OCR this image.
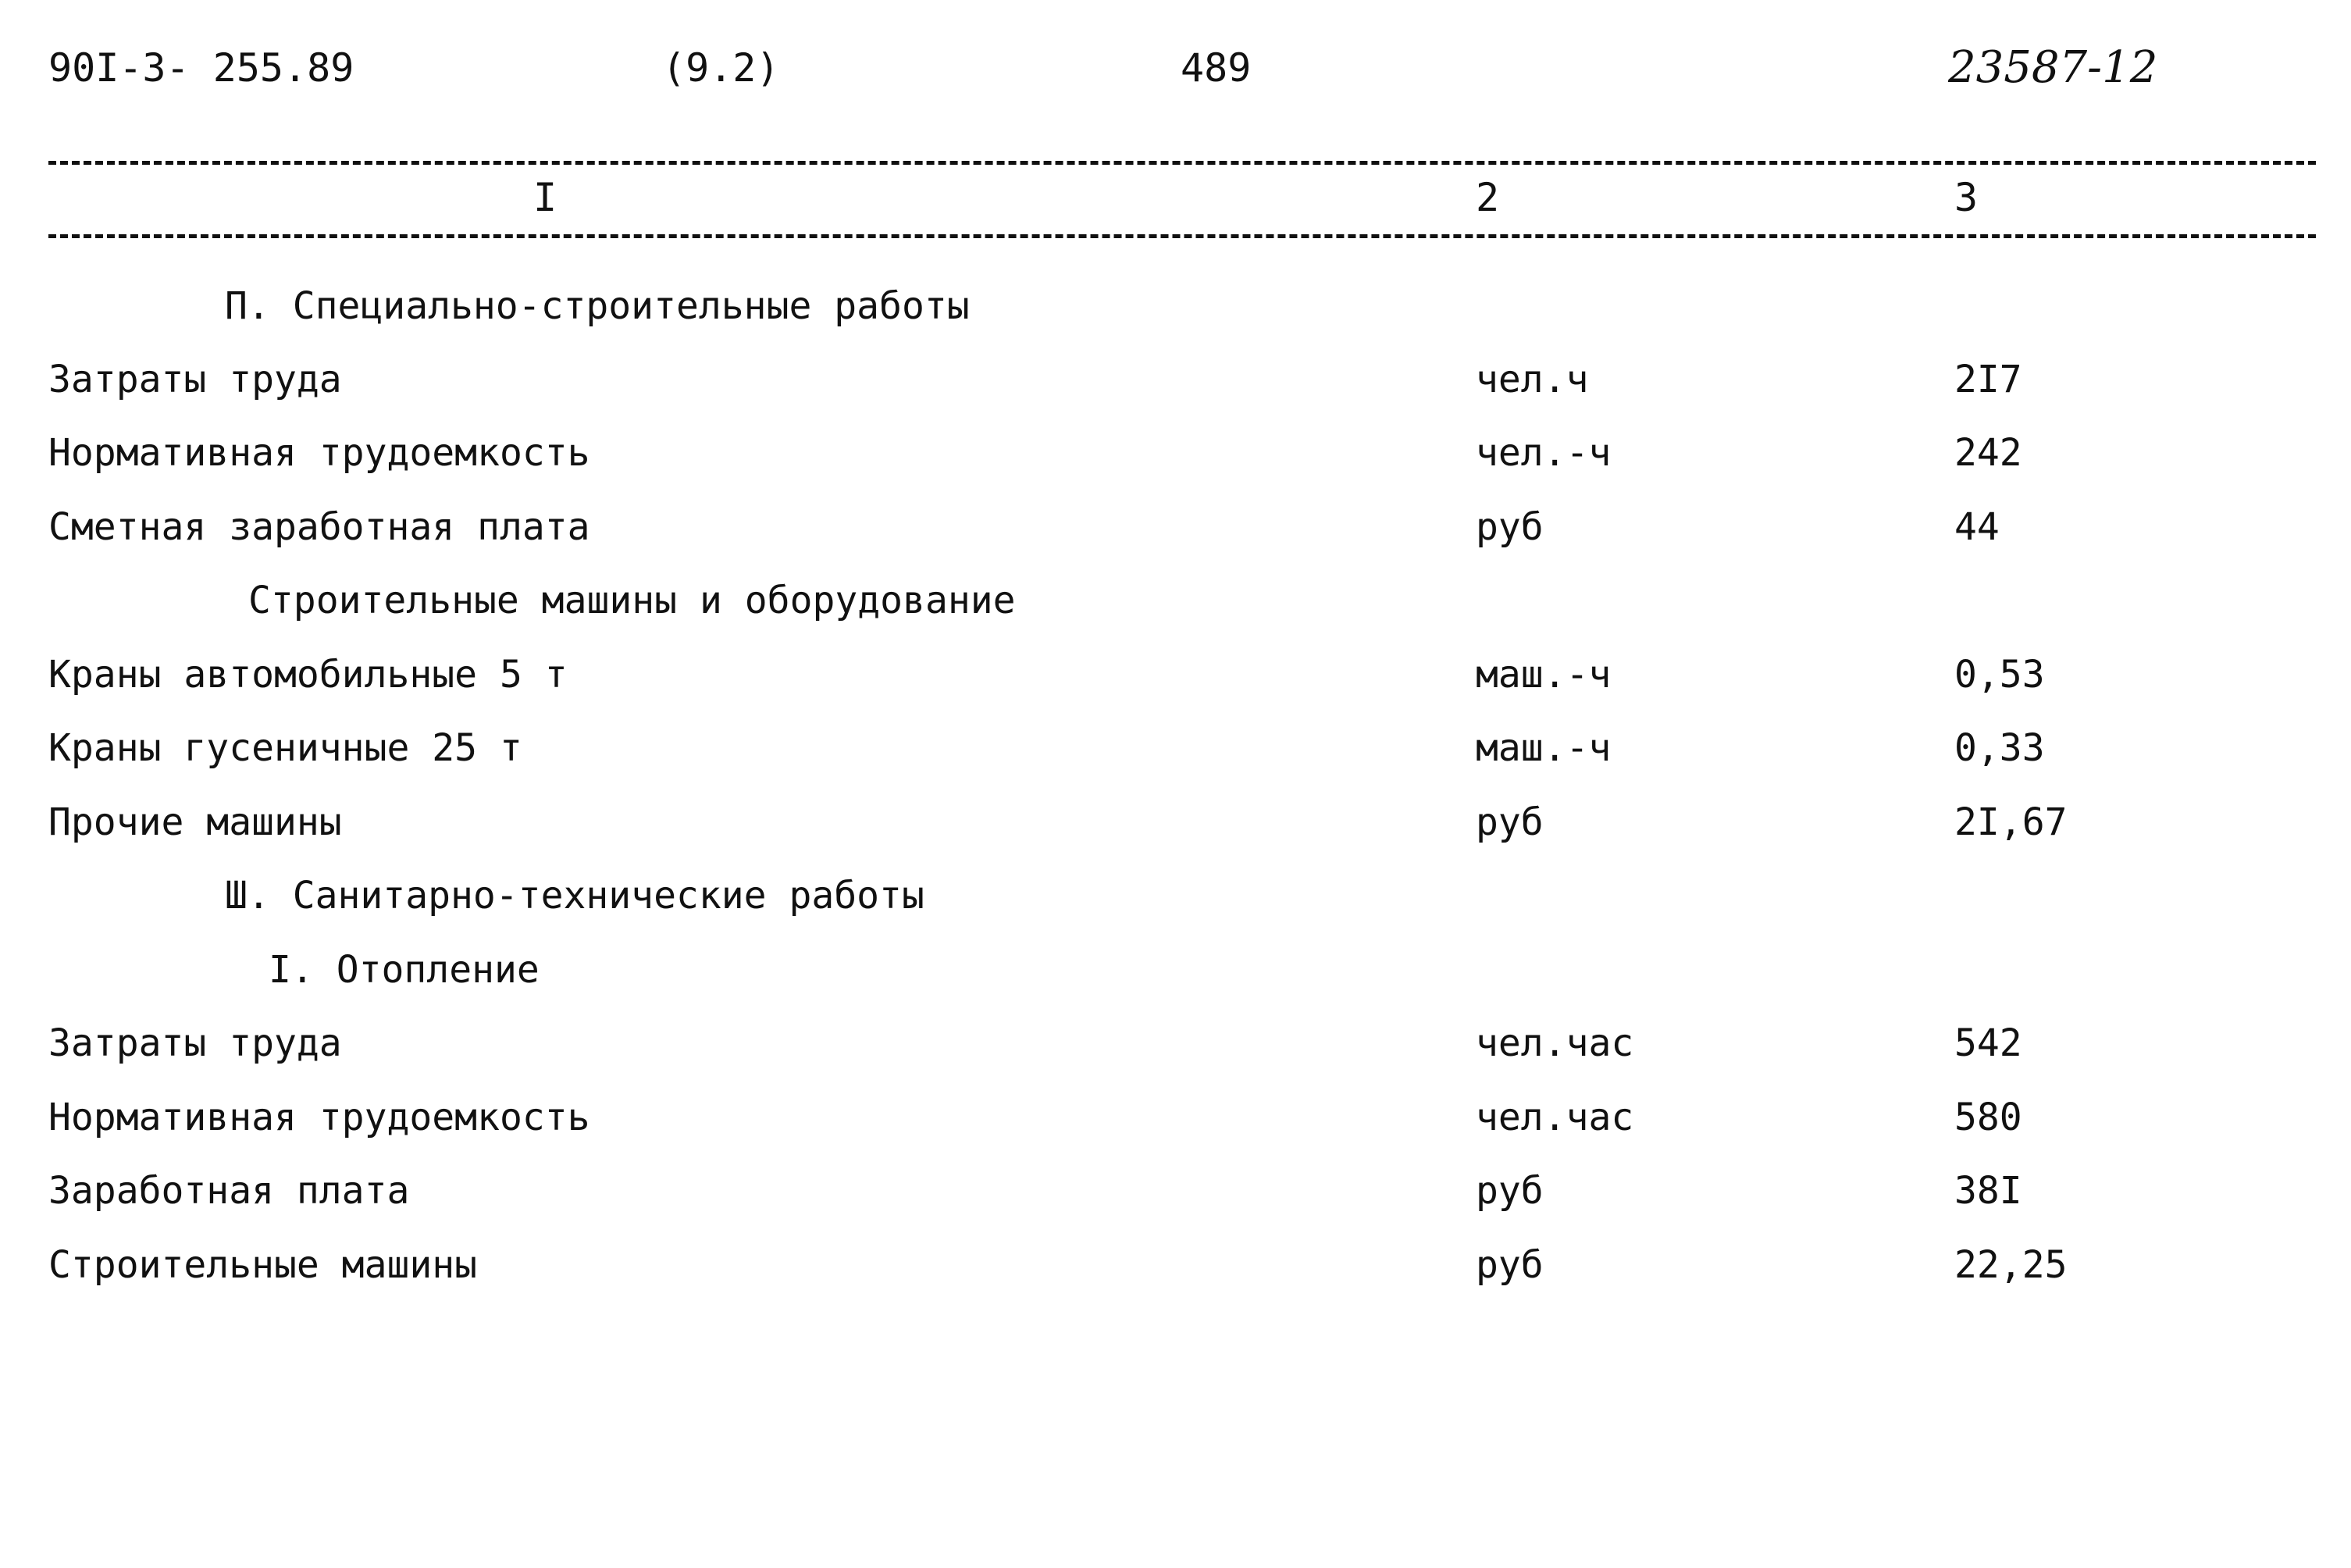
90I-3- 255.89	(9.2)	489	23587-12
I	2	3
П. Специально-строительные работы
Затраты труда	чел.ч	2I7
Нормативная трудоемкость	чел.-ч	242
Сметная заработная плата	руб	44
Строительные машины и оборудование
Краны автомобильные 5 т	маш.-ч	0,53
Краны гусеничные 25 т	маш.-ч	0,33
Прочие машины	руб	2I,67
Ш. Санитарно-технические работы
I. Отопление
Затраты труда	чел.час	542
Нормативная трудоемкость	чел.час	580
Заработная плата	руб	38I
Строительные машины	руб	22,25
